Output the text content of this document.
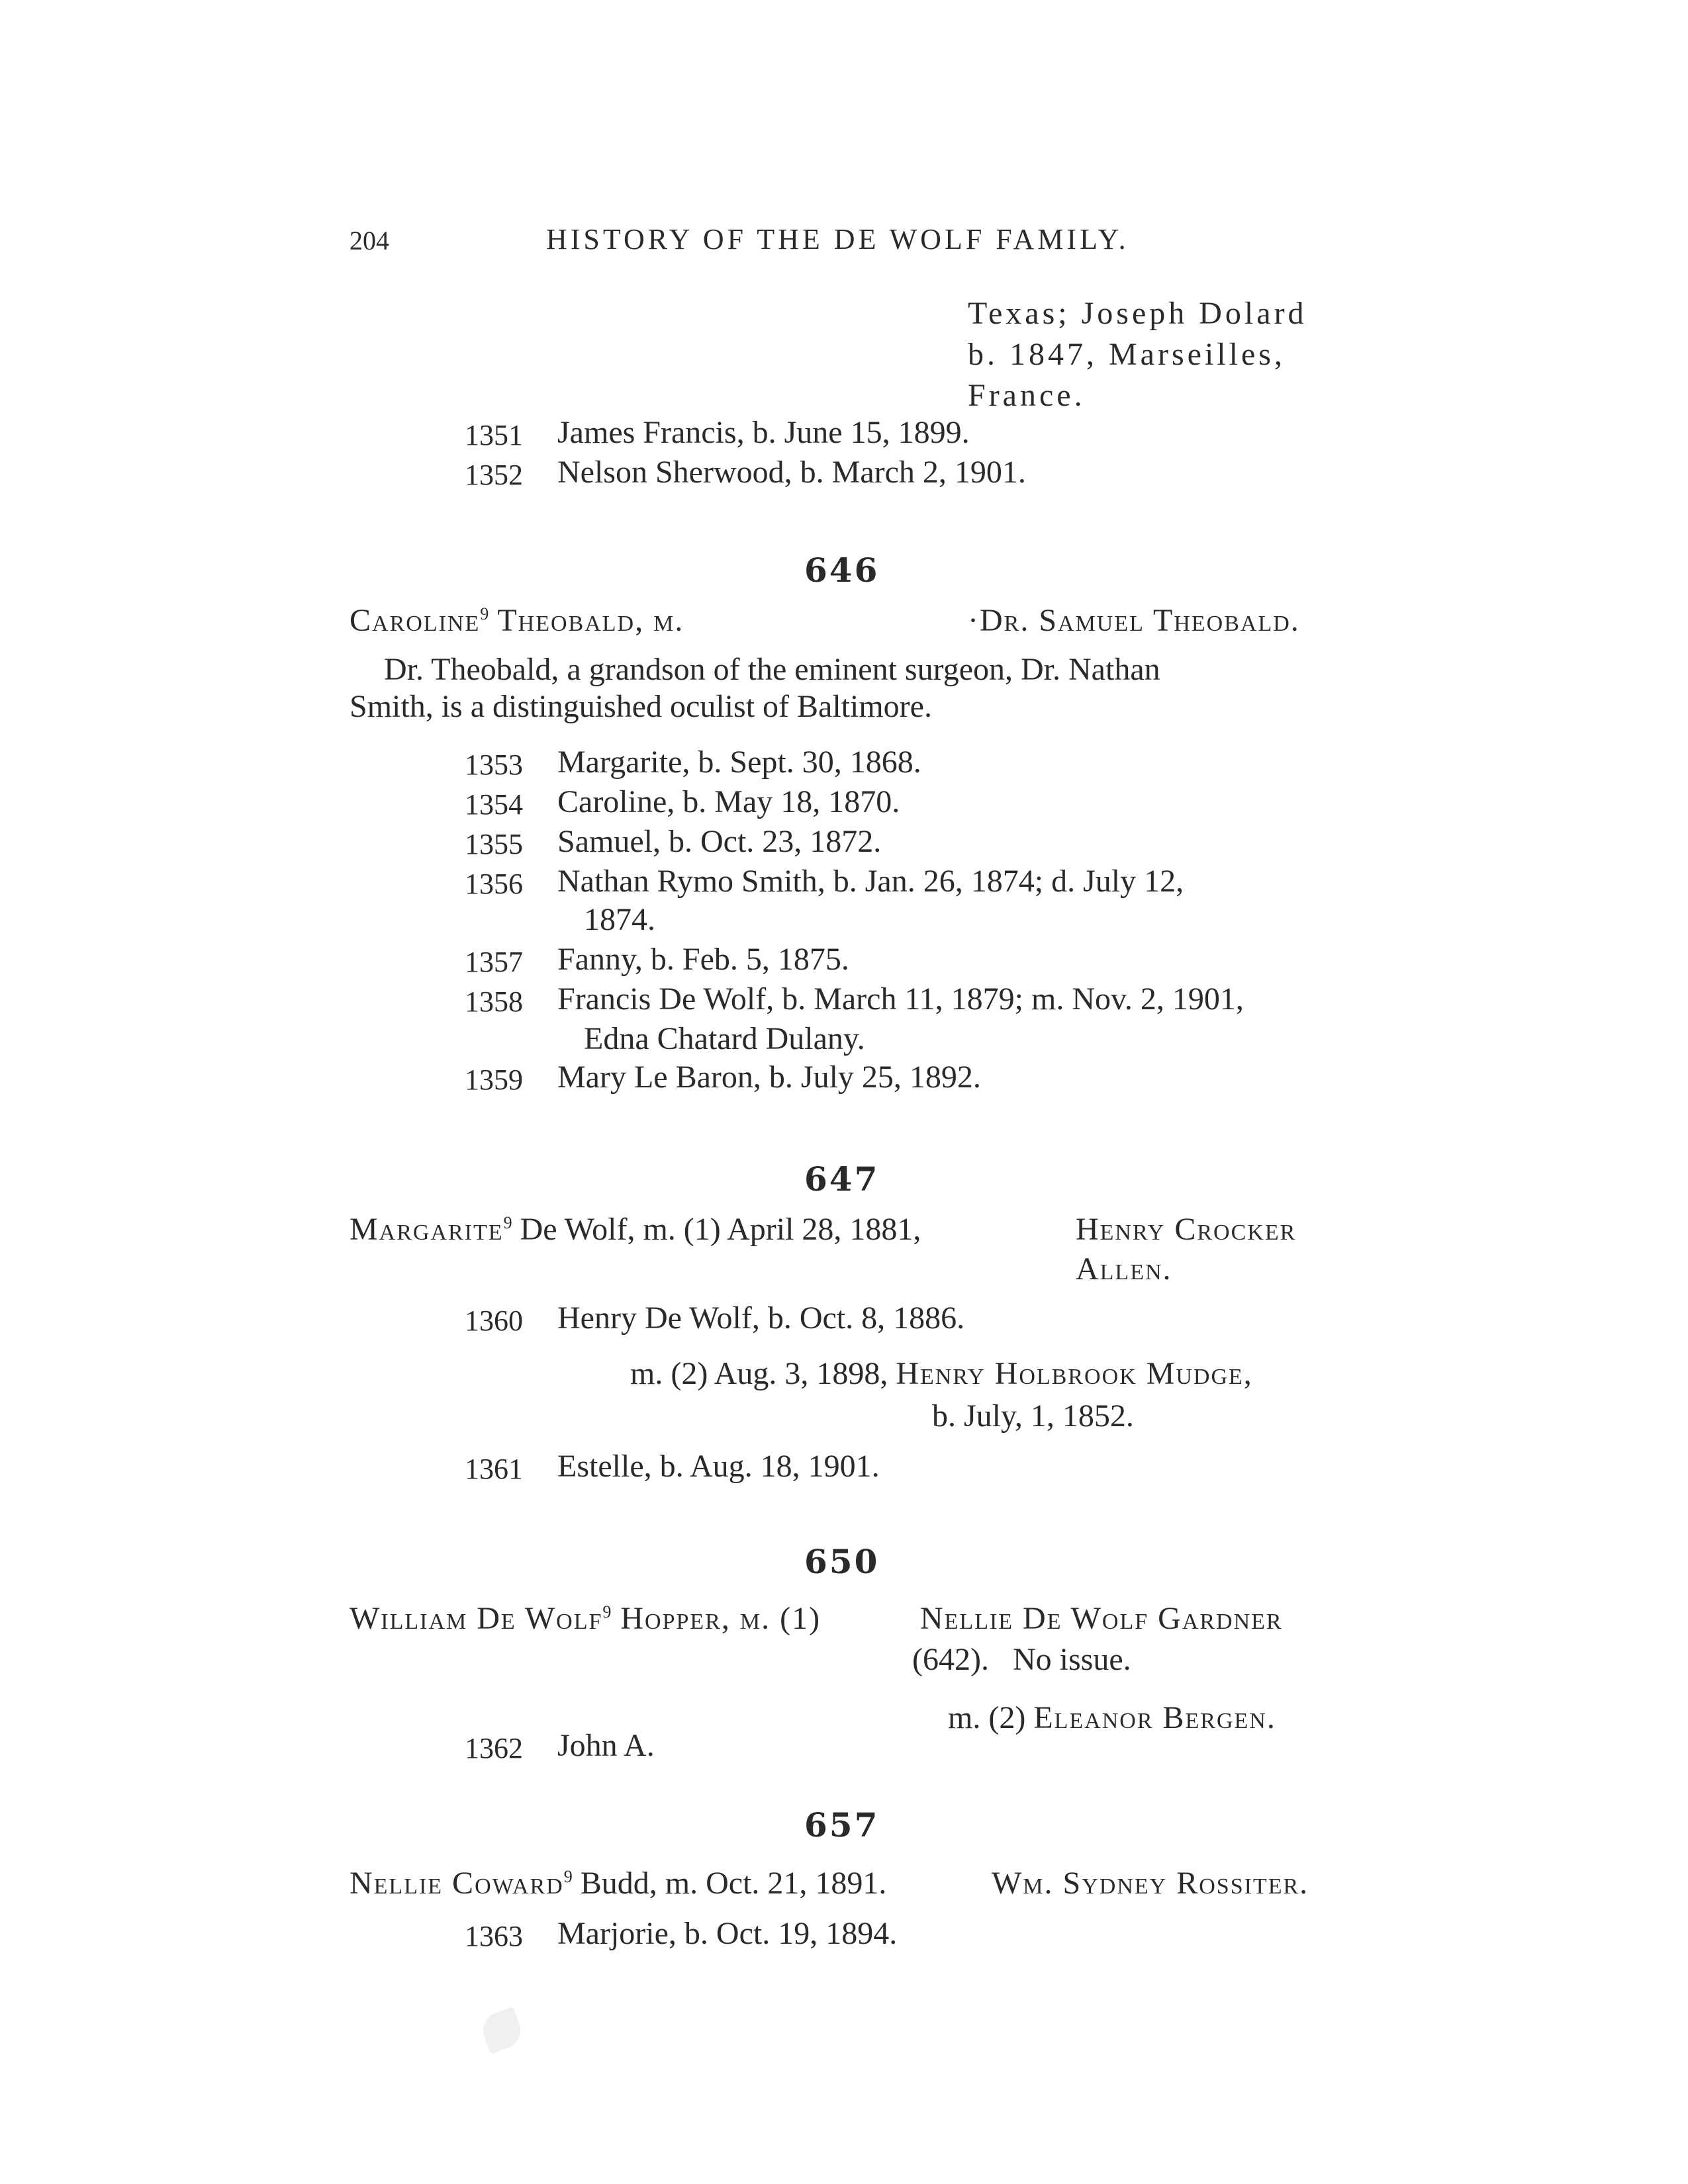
204	HISTORY OF THE DE WOLF FAMILY.
Texas; Joseph Dolard
b. 1847, Marseilles,
France.
1351 James Francis, b. June 15, 1899.
1352 Nelson Sherwood, b. March 2, 1901.
646
Caroline$^9$ Theobald, m.	·Dr. Samuel Theobald.
Dr. Theobald, a grandson of the eminent surgeon, Dr. Nathan
Smith, is a distinguished oculist of Baltimore.
1353 Margarite, b. Sept. 30, 1868.
1354 Caroline, b. May 18, 1870.
1355 Samuel, b. Oct. 23, 1872.
1356 Nathan Rymo Smith, b. Jan. 26, 1874; d. July 12,
1874.
1357 Fanny, b. Feb. 5, 1875.
1358 Francis De Wolf, b. March 11, 1879; m. Nov. 2, 1901,
Edna Chatard Dulany.
1359 Mary Le Baron, b. July 25, 1892.
647
Margarite$^9$ De Wolf, m. (1) April 28, 1881,	Henry Crocker
Allen.
1360 Henry De Wolf, b. Oct. 8, 1886.
m. (2) Aug. 3, 1898, Henry Holbrook Mudge,
b. July, 1, 1852.
1361 Estelle, b. Aug. 18, 1901.
650
William De Wolf$^9$ Hopper, m. (1)	Nellie De Wolf Gardner
(642).   No issue.
m. (2) Eleanor Bergen.
1362 John A.
657
Nellie Coward$^9$ Budd, m. Oct. 21, 1891.	Wm. Sydney Rossiter.
1363 Marjorie, b. Oct. 19, 1894.
